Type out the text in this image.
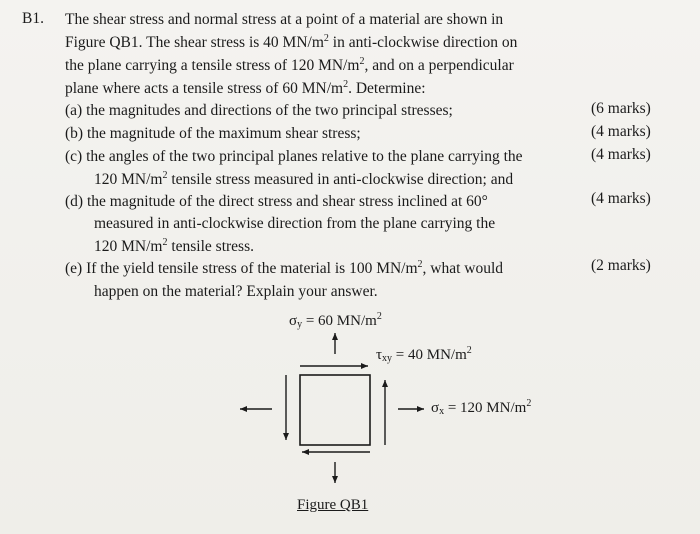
B1. The shear stress and normal stress at a point of a material are shown in
Figure QB1. The shear stress is 40 $MN/m^2$ in anti-clockwise direction on
the plane carrying a tensile stress of 120 $MN/m^2$, and on a perpendicular
plane where acts a tensile stress of 60 $MN/m^2$. Determine:
(a) the magnitudes and directions of the two principal stresses;	(6 marks)
(b) the magnitude of the maximum shear stress;	(4 marks)
(c) the angles of the two principal planes relative to the plane carrying the	(4 marks)
120 $MN/m^2$ tensile stress measured in anti-clockwise direction; and
(d) the magnitude of the direct stress and shear stress inclined at 60°	(4 marks)
measured in anti-clockwise direction from the plane carrying the
120 $MN/m^2$ tensile stress.
(e) If the yield tensile stress of the material is 100 $MN/m^2$, what would	(2 marks)
happen on the material? Explain your answer.
$\sigma_y = 60$ $MN/m^2$
$\tau_{xy} = 40$ $MN/m^2$
$\sigma_x = 120$ $MN/m^2$
Figure QB1
